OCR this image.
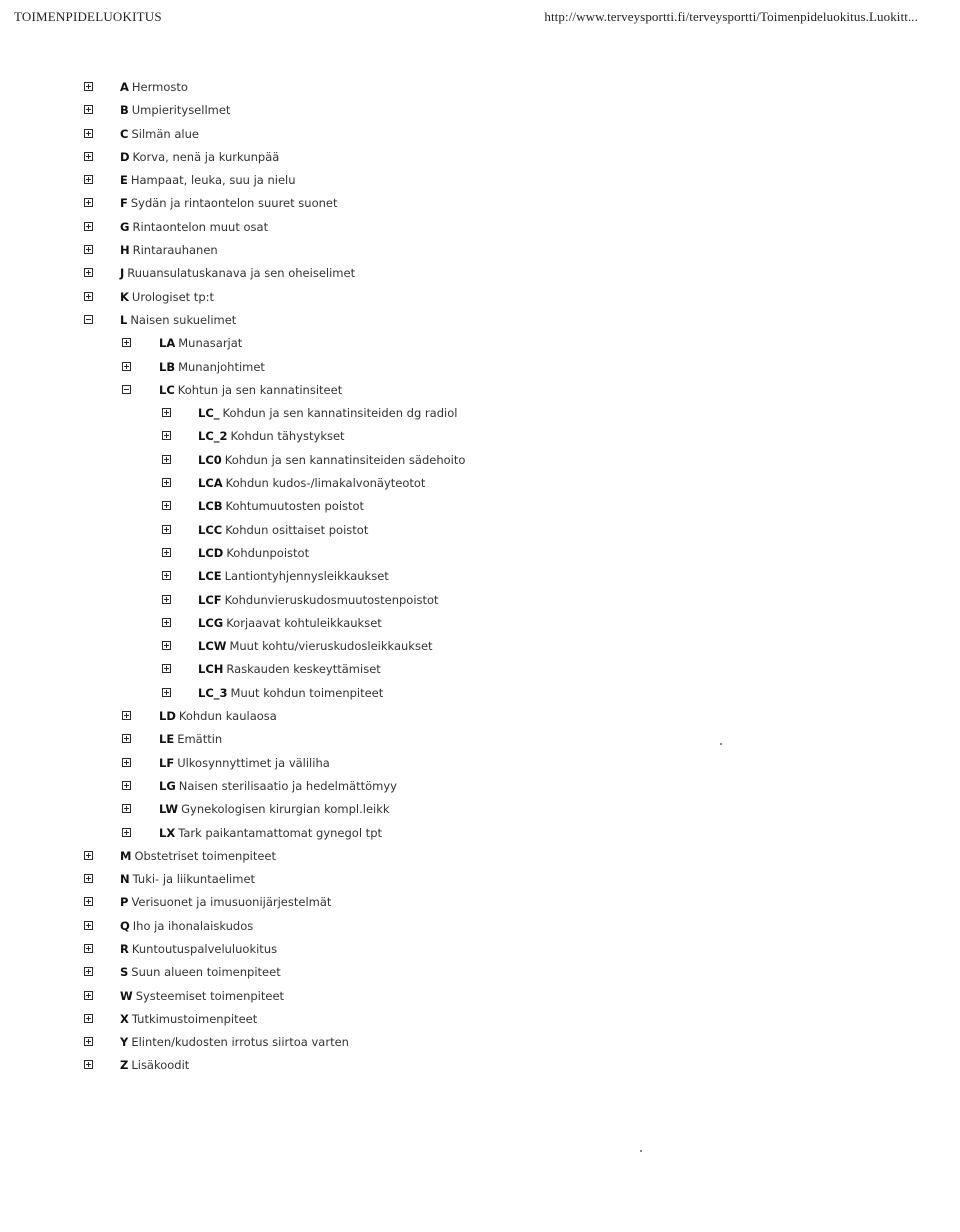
TOIMENPIDELUOKITUS	http://www.terveysportti.fi/terveysportti/Toimenpideluokitus.Luokitt...
A Hermosto
B Umpieritysellmet
C Silmän alue
D Korva, nenä ja kurkunpää
E Hampaat, leuka, suu ja nielu
F Sydän ja rintaontelon suuret suonet
G Rintaontelon muut osat
H Rintarauhanen
J Ruuansulatuskanava ja sen oheiselimet
K Urologiset tp:t
L Naisen sukuelimet
LA Munasarjat
LB Munanjohtimet
LC Kohtun ja sen kannatinsiteet
LC_ Kohdun ja sen kannatinsiteiden dg radiol
LC_2 Kohdun tähystykset
LC0 Kohdun ja sen kannatinsiteiden sädehoito
LCA Kohdun kudos-/limakalvonäyteotot
LCB Kohtumuutosten poistot
LCC Kohdun osittaiset poistot
LCD Kohdunpoistot
LCE Lantiontyhjennysleikkaukset
LCF Kohdunvieruskudosmuutostenpoistot
LCG Korjaavat kohtuleikkaukset
LCW Muut kohtu/vieruskudosleikkaukset
LCH Raskauden keskeyttämiset
LC_3 Muut kohdun toimenpiteet
LD Kohdun kaulaosa
LE Emättin
LF Ulkosynnyttimet ja väliliha
LG Naisen sterilisaatio ja hedelmättömyy
LW Gynekologisen kirurgian kompl.leikk
LX Tark paikantamattomat gynegol tpt
M Obstetriset toimenpiteet
N Tuki- ja liikuntaelimet
P Verisuonet ja imusuonijärjestelmät
Q Iho ja ihonalaiskudos
R Kuntoutuspalveluluokitus
S Suun alueen toimenpiteet
W Systeemiset toimenpiteet
X Tutkimustoimenpiteet
Y Elinten/kudosten irrotus siirtoa varten
Z Lisäkoodit
